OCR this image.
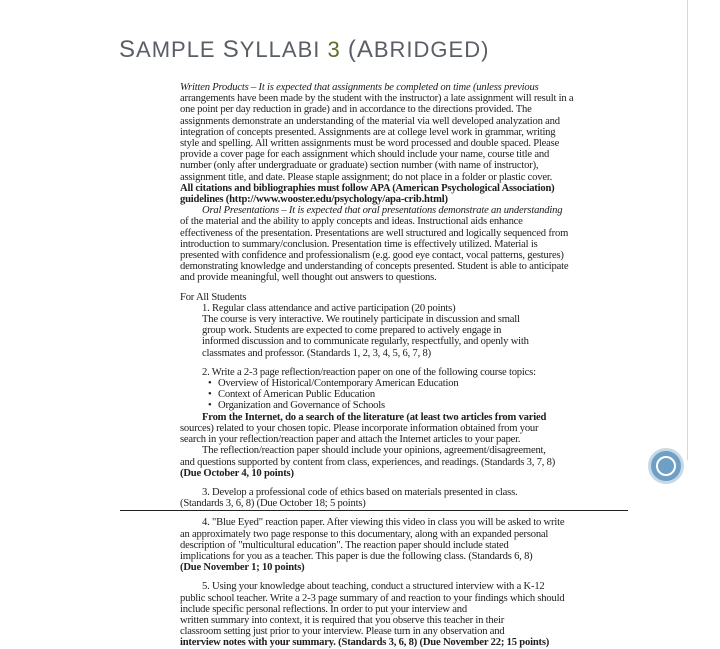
SAMPLE SYLLABI 3 (ABRIDGED)
Written Products – It is expected that assignments be completed on time (unless previous
arrangements have been made by the student with the instructor) a late assignment will result in a
one point per day reduction in grade) and in accordance to the directions provided. The
assignments demonstrate an understanding of the material via well developed analyzation and
integration of concepts presented. Assignments are at college level work in grammar, writing
style and spelling. All written assignments must be word processed and double spaced. Please
provide a cover page for each assignment which should include your name, course title and
number (only after undergraduate or graduate) section number (with name of instructor),
assignment title, and date. Please staple assignment; do not place in a folder or plastic cover.
All citations and bibliographies must follow APA (American Psychological Association)
guidelines (http://www.wooster.edu/psychology/apa-crib.html)
Oral Presentations – It is expected that oral presentations demonstrate an understanding
of the material and the ability to apply concepts and ideas. Instructional aids enhance
effectiveness of the presentation. Presentations are well structured and logically sequenced from
introduction to summary/conclusion. Presentation time is effectively utilized. Material is
presented with confidence and professionalism (e.g. good eye contact, vocal patterns, gestures)
demonstrating knowledge and understanding of concepts presented. Student is able to anticipate
and provide meaningful, well thought out answers to questions.
For All Students
1. Regular class attendance and active participation (20 points)
The course is very interactive. We routinely participate in discussion and small
group work. Students are expected to come prepared to actively engage in
informed discussion and to communicate regularly, respectfully, and openly with
classmates and professor. (Standards 1, 2, 3, 4, 5, 6, 7, 8)
2. Write a 2-3 page reflection/reaction paper on one of the following course topics:
• Overview of Historical/Contemporary American Education
• Context of American Public Education
• Organization and Governance of Schools
From the Internet, do a search of the literature (at least two articles from varied
sources) related to your chosen topic. Please incorporate information obtained from your
search in your reflection/reaction paper and attach the Internet articles to your paper.
The reflection/reaction paper should include your opinions, agreement/disagreement,
and questions supported by content from class, experiences, and readings. (Standards 3, 7, 8)
(Due October 4, 10 points)
3. Develop a professional code of ethics based on materials presented in class.
(Standards 3, 6, 8) (Due October 18; 5 points)
4. "Blue Eyed" reaction paper. After viewing this video in class you will be asked to write
an approximately two page response to this documentary, along with an expanded personal
description of "multicultural education". The reaction paper should include stated
implications for you as a teacher. This paper is due the following class. (Standards 6, 8)
(Due November 1; 10 points)
5. Using your knowledge about teaching, conduct a structured interview with a K-12
public school teacher. Write a 2-3 page summary of and reaction to your findings which should
include specific personal reflections. In order to put your interview and
written summary into context, it is required that you observe this teacher in their
classroom setting just prior to your interview. Please turn in any observation and
interview notes with your summary. (Standards 3, 6, 8) (Due November 22; 15 points)
